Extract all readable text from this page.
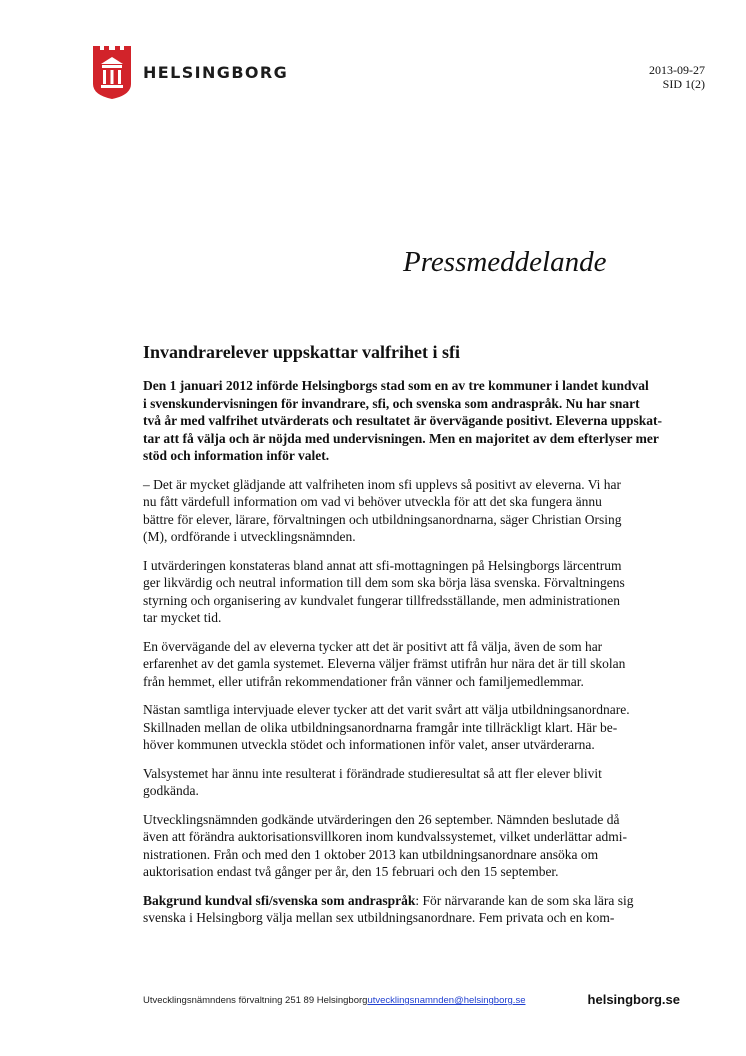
HELSINGBORG	2013-09-27
SID 1(2)
Pressmeddelande
Invandrarelever uppskattar valfrihet i sfi

Den 1 januari 2012 införde Helsingborgs stad som en av tre kommuner i landet kundval
i svenskundervisningen för invandrare, sfi, och svenska som andraspråk. Nu har snart
två år med valfrihet utvärderats och resultatet är övervägande positivt. Eleverna uppskat-
tar att få välja och är nöjda med undervisningen. Men en majoritet av dem efterlyser mer
stöd och information inför valet.

– Det är mycket glädjande att valfriheten inom sfi upplevs så positivt av eleverna. Vi har
nu fått värdefull information om vad vi behöver utveckla för att det ska fungera ännu
bättre för elever, lärare, förvaltningen och utbildningsanordnarna, säger Christian Orsing
(M), ordförande i utvecklingsnämnden.

I utvärderingen konstateras bland annat att sfi-mottagningen på Helsingborgs lärcentrum
ger likvärdig och neutral information till dem som ska börja läsa svenska. Förvaltningens
styrning och organisering av kundvalet fungerar tillfredsställande, men administrationen
tar mycket tid.

En övervägande del av eleverna tycker att det är positivt att få välja, även de som har
erfarenhet av det gamla systemet. Eleverna väljer främst utifrån hur nära det är till skolan
från hemmet, eller utifrån rekommendationer från vänner och familjemedlemmar.

Nästan samtliga intervjuade elever tycker att det varit svårt att välja utbildningsanordnare.
Skillnaden mellan de olika utbildningsanordnarna framgår inte tillräckligt klart. Här be-
höver kommunen utveckla stödet och informationen inför valet, anser utvärderarna.

Valsystemet har ännu inte resulterat i förändrade studieresultat så att fler elever blivit
godkända.

Utvecklingsnämnden godkände utvärderingen den 26 september. Nämnden beslutade då
även att förändra auktorisationsvillkoren inom kundvalssystemet, vilket underlättar admi-
nistrationen. Från och med den 1 oktober 2013 kan utbildningsanordnare ansöka om
auktorisation endast två gånger per år, den 15 februari och den 15 september.

Bakgrund kundval sfi/svenska som andraspråk: För närvarande kan de som ska lära sig
svenska i Helsingborg välja mellan sex utbildningsanordnare. Fem privata och en kom-

Utvecklingsnämndens förvaltning 251 89 Helsingborgutvecklingsnamnden@helsingborg.se	helsingborg.se
